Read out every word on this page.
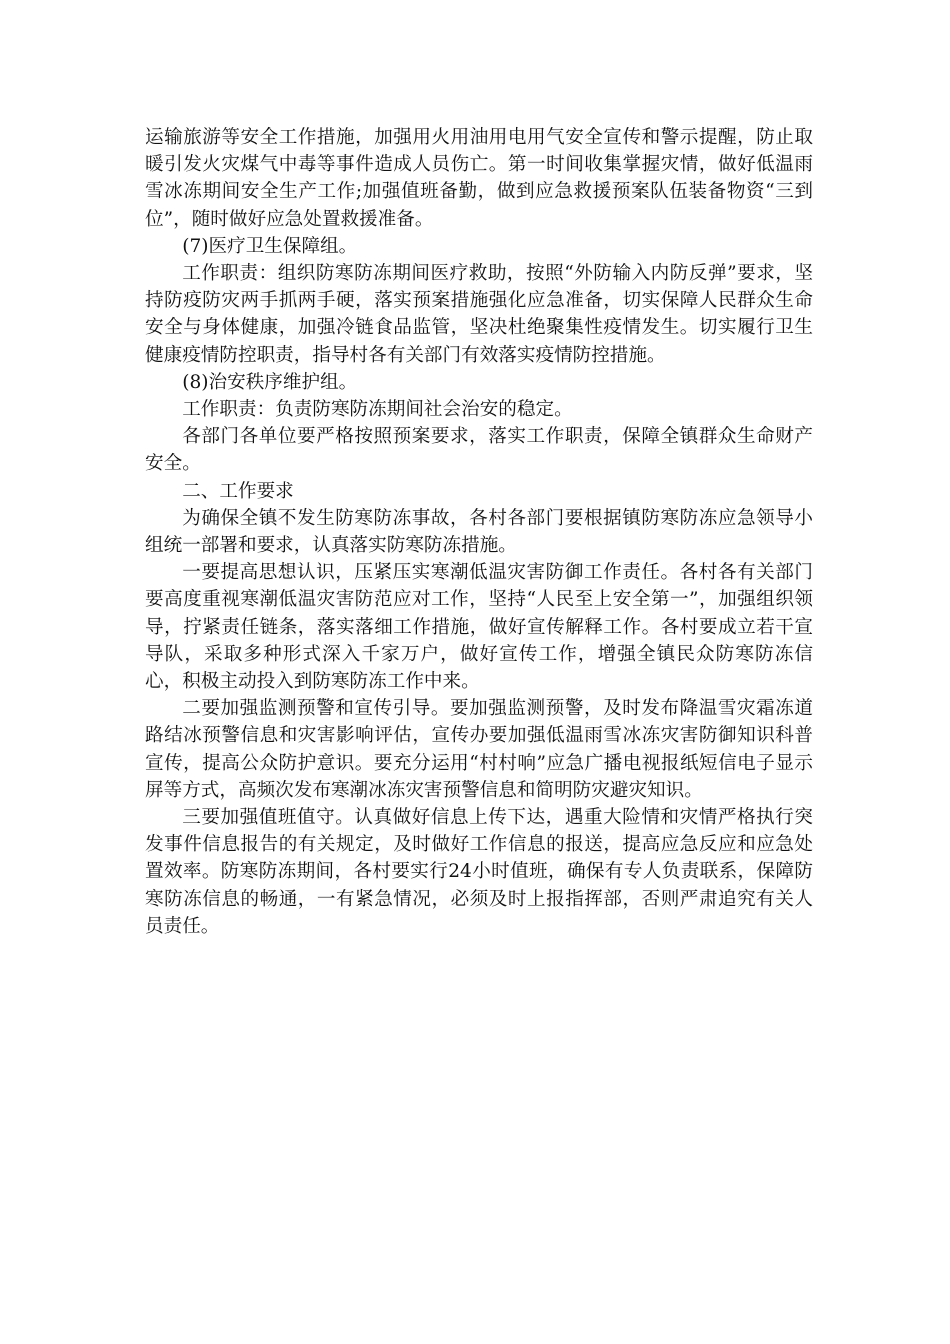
运输旅游等安全工作措施，加强用火用油用电用气安全宣传和警示提醒，防止取暖引发火灾煤气中毒等事件造成人员伤亡。第一时间收集掌握灾情，做好低温雨雪冰冻期间安全生产工作;加强值班备勤，做到应急救援预案队伍装备物资“三到位”，随时做好应急处置救援准备。

(7)医疗卫生保障组。

工作职责：组织防寒防冻期间医疗救助，按照“外防输入内防反弹”要求，坚持防疫防灾两手抓两手硬，落实预案措施强化应急准备，切实保障人民群众生命安全与身体健康，加强冷链食品监管，坚决杜绝聚集性疫情发生。切实履行卫生健康疫情防控职责，指导村各有关部门有效落实疫情防控措施。

(8)治安秩序维护组。

工作职责：负责防寒防冻期间社会治安的稳定。

各部门各单位要严格按照预案要求，落实工作职责，保障全镇群众生命财产安全。

二、工作要求

为确保全镇不发生防寒防冻事故，各村各部门要根据镇防寒防冻应急领导小组统一部署和要求，认真落实防寒防冻措施。

一要提高思想认识，压紧压实寒潮低温灾害防御工作责任。各村各有关部门要高度重视寒潮低温灾害防范应对工作，坚持“人民至上安全第一”，加强组织领导，拧紧责任链条，落实落细工作措施，做好宣传解释工作。各村要成立若干宣导队，采取多种形式深入千家万户，做好宣传工作，增强全镇民众防寒防冻信心，积极主动投入到防寒防冻工作中来。

二要加强监测预警和宣传引导。要加强监测预警，及时发布降温雪灾霜冻道路结冰预警信息和灾害影响评估，宣传办要加强低温雨雪冰冻灾害防御知识科普宣传，提高公众防护意识。要充分运用“村村响”应急广播电视报纸短信电子显示屏等方式，高频次发布寒潮冰冻灾害预警信息和简明防灾避灾知识。

三要加强值班值守。认真做好信息上传下达，遇重大险情和灾情严格执行突发事件信息报告的有关规定，及时做好工作信息的报送，提高应急反应和应急处置效率。防寒防冻期间，各村要实行24小时值班，确保有专人负责联系，保障防寒防冻信息的畅通，一有紧急情况，必须及时上报指挥部，否则严肃追究有关人员责任。
